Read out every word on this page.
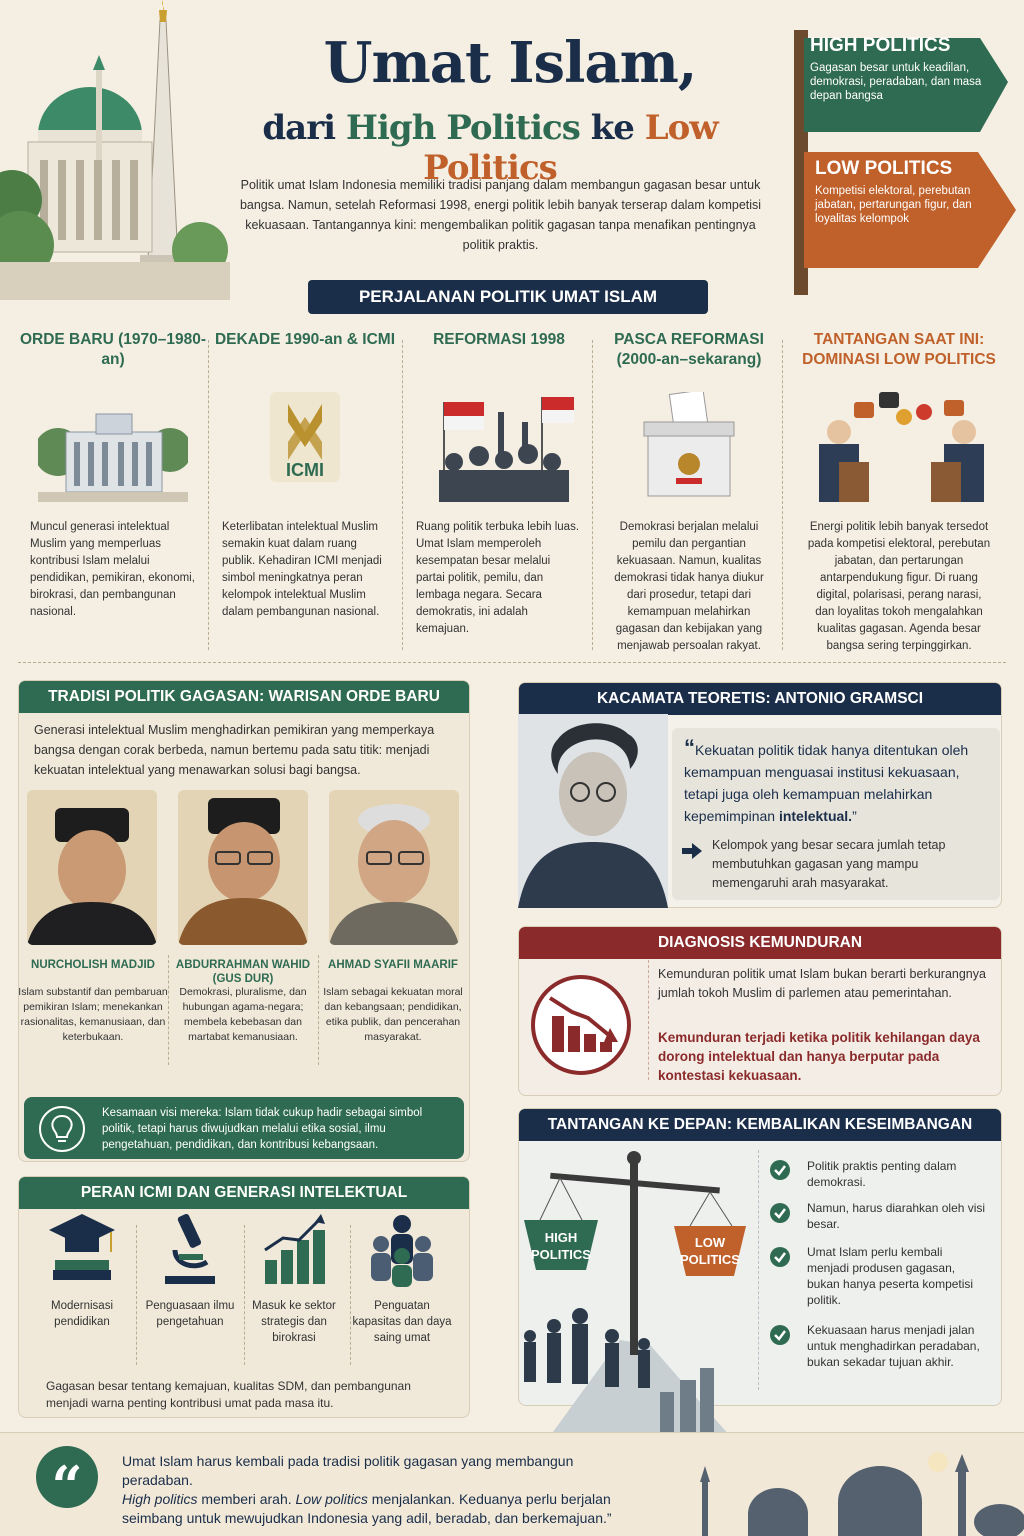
Umat Islam,
dari High Politics ke Low Politics
Politik umat Islam Indonesia memiliki tradisi panjang dalam membangun gagasan besar untuk bangsa. Namun, setelah Reformasi 1998, energi politik lebih banyak terserap dalam kompetisi kekuasaan. Tantangannya kini: mengembalikan politik gagasan tanpa menafikan pentingnya politik praktis.
HIGH POLITICS
Gagasan besar untuk keadilan, demokrasi, peradaban, dan masa depan bangsa
LOW POLITICS
Kompetisi elektoral, perebutan jabatan, pertarungan figur, dan loyalitas kelompok
PERJALANAN POLITIK UMAT ISLAM
ORDE BARU (1970–1980-an)

Muncul generasi intelektual Muslim yang memperluas kontribusi Islam melalui pendidikan, pemikiran, ekonomi, birokrasi, dan pembangunan nasional.

DEKADE 1990-an & ICMI
ICMI

Keterlibatan intelektual Muslim semakin kuat dalam ruang publik. Kehadiran ICMI menjadi simbol meningkatnya peran kelompok intelektual Muslim dalam pembangunan nasional.

REFORMASI 1998

Ruang politik terbuka lebih luas. Umat Islam memperoleh kesempatan besar melalui partai politik, pemilu, dan lembaga negara. Secara demokratis, ini adalah kemajuan.

PASCA REFORMASI (2000-an–sekarang)

Demokrasi berjalan melalui pemilu dan pergantian kekuasaan. Namun, kualitas demokrasi tidak hanya diukur dari prosedur, tetapi dari kemampuan melahirkan gagasan dan kebijakan yang menjawab persoalan rakyat.

TANTANGAN SAAT INI: DOMINASI LOW POLITICS

Energi politik lebih banyak tersedot pada kompetisi elektoral, perebutan jabatan, dan pertarungan antarpendukung figur. Di ruang digital, polarisasi, perang narasi, dan loyalitas tokoh mengalahkan kualitas gagasan. Agenda besar bangsa sering terpinggirkan.

TRADISI POLITIK GAGASAN: WARISAN ORDE BARU
Generasi intelektual Muslim menghadirkan pemikiran yang memperkaya bangsa dengan corak berbeda, namun bertemu pada satu titik: menjadi kekuatan intelektual yang menawarkan solusi bagi bangsa.
NURCHOLISH MADJID
Islam substantif dan pembaruan pemikiran Islam; menekankan rasionalitas, kemanusiaan, dan keterbukaan.
ABDURRAHMAN WAHID (GUS DUR)
Demokrasi, pluralisme, dan hubungan agama-negara; membela kebebasan dan martabat kemanusiaan.
AHMAD SYAFII MAARIF
Islam sebagai kekuatan moral dan kebangsaan; pendidikan, etika publik, dan pencerahan masyarakat.
Kesamaan visi mereka: Islam tidak cukup hadir sebagai simbol politik, tetapi harus diwujudkan melalui etika sosial, ilmu pengetahuan, pendidikan, dan kontribusi kebangsaan.
PERAN ICMI DAN GENERASI INTELEKTUAL
Modernisasi pendidikan
Penguasaan ilmu pengetahuan
Masuk ke sektor strategis dan birokrasi
Penguatan kapasitas dan daya saing umat
Gagasan besar tentang kemajuan, kualitas SDM, dan pembangunan menjadi warna penting kontribusi umat pada masa itu.
KACAMATA TEORETIS: ANTONIO GRAMSCI
“Kekuatan politik tidak hanya ditentukan oleh kemampuan menguasai institusi kekuasaan, tetapi juga oleh kemampuan melahirkan kepemimpinan intelektual.”
Kelompok yang besar secara jumlah tetap membutuhkan gagasan yang mampu memengaruhi arah masyarakat.
DIAGNOSIS KEMUNDURAN
Kemunduran politik umat Islam bukan berarti berkurangnya jumlah tokoh Muslim di parlemen atau pemerintahan.
Kemunduran terjadi ketika politik kehilangan daya dorong intelektual dan hanya berputar pada kontestasi kekuasaan.
TANTANGAN KE DEPAN: KEMBALIKAN KESEIMBANGAN
HIGH
POLITICS
LOW
POLITICS
Politik praktis penting dalam demokrasi.
Namun, harus diarahkan oleh visi besar.
Umat Islam perlu kembali menjadi produsen gagasan, bukan hanya peserta kompetisi politik.
Kekuasaan harus menjadi jalan untuk menghadirkan peradaban, bukan sekadar tujuan akhir.
“	Umat Islam harus kembali pada tradisi politik gagasan yang membangun peradaban.
High politics memberi arah. Low politics menjalankan. Keduanya perlu berjalan seimbang untuk mewujudkan Indonesia yang adil, beradab, dan berkemajuan.”
